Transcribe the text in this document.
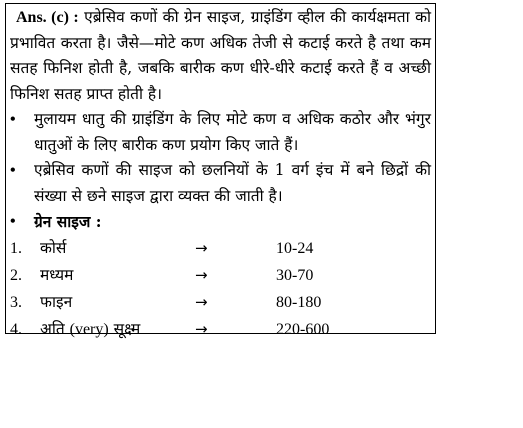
Ans. (c) : एब्रेसिव कणों की ग्रेन साइज, ग्राइंडिंग व्हील की कार्यक्षमता को प्रभावित करता है। जैसे—मोटे कण अधिक तेजी से कटाई करते है तथा कम सतह फिनिश होती है, जबकि बारीक कण धीरे-धीरे कटाई करते हैं व अच्छी फिनिश सतह प्राप्त होती है।

•	मुलायम धातु की ग्राइंडिंग के लिए मोटे कण व अधिक कठोर और भंगुर धातुओं के लिए बारीक कण प्रयोग किए जाते हैं।
•	एब्रेसिव कणों की साइज को छलनियों के 1 वर्ग इंच में बने छिद्रों की संख्या से छने साइज द्वारा व्यक्त की जाती है।
•	ग्रेन साइज :
1. कोर्स	→	10-24
2. मध्यम	→	30-70
3. फाइन	→	80-180
4. अति (very) सूक्ष्म	→	220-600
